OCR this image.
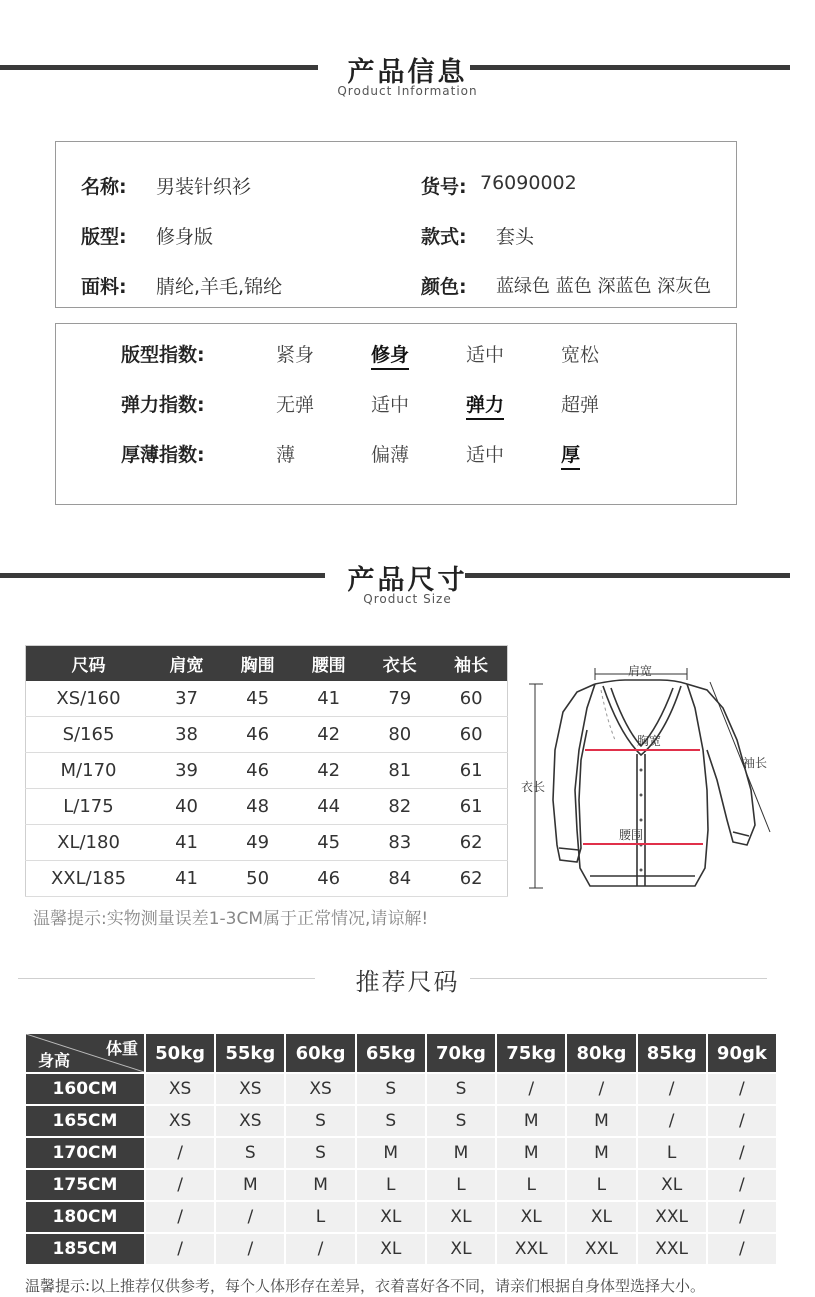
产品信息
Qroduct Information
名称: 男装针织衫	货号: 76090002
版型: 修身版	款式: 套头
面料: 腈纶,羊毛,锦纶	颜色: 蓝绿色 蓝色 深蓝色 深灰色
版型指数:	紧身	修身	适中	宽松
弹力指数:	无弹	适中	弹力	超弹
厚薄指数:	薄	偏薄	适中	厚
产品尺寸
Qroduct Size
尺码	肩宽	胸围	腰围	衣长	袖长
XS/160	37	45	41	79	60
S/165	38	46	42	80	60
M/170	39	46	42	81	61
L/175	40	48	44	82	61
XL/180	41	49	45	83	62
XXL/185	41	50	46	84	62
肩宽
胸宽
腰围
衣长
袖长
温馨提示:实物测量误差1-3CM属于正常情况,请谅解!
推荐尺码
体重
身高	50kg	55kg	60kg	65kg	70kg	75kg	80kg	85kg	90gk
160CM	XS	XS	XS	S	S	/	/	/	/
165CM	XS	XS	S	S	S	M	M	/	/
170CM	/	S	S	M	M	M	M	L	/
175CM	/	M	M	L	L	L	L	XL	/
180CM	/	/	L	XL	XL	XL	XL	XXL	/
185CM	/	/	/	XL	XL	XXL	XXL	XXL	/
温馨提示:以上推荐仅供参考，每个人体形存在差异，衣着喜好各不同，请亲们根据自身体型选择大小。
